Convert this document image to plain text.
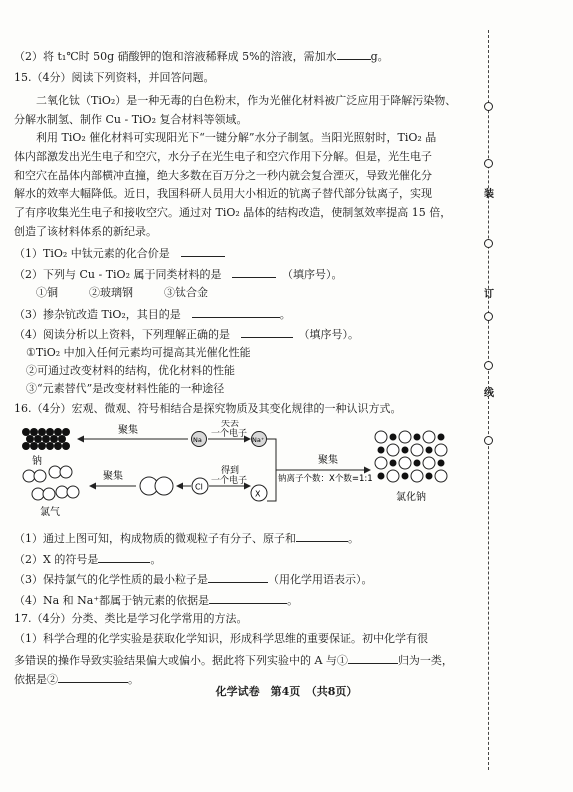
（2）将 t₁℃时 50g 硝酸钾的饱和溶液稀释成 5%的溶液，需加水	g。
15.（4分）阅读下列资料，并回答问题。
二氧化钛（TiO₂）是一种无毒的白色粉末，作为光催化材料被广泛应用于降解污染物、
分解水制氢、制作 Cu - TiO₂ 复合材料等领域。
利用 TiO₂ 催化材料可实现阳光下“一键分解”水分子制氢。当阳光照射时，TiO₂ 晶
体内部激发出光生电子和空穴，水分子在光生电子和空穴作用下分解。但是，光生电子
和空穴在晶体内部横冲直撞，绝大多数在百万分之一秒内就会复合湮灭，导致光催化分
解水的效率大幅降低。近日，我国科研人员用大小相近的钪离子替代部分钛离子，实现
了有序收集光生电子和接收空穴。通过对 TiO₂ 晶体的结构改造，使制氢效率提高 15 倍，
创造了该材料体系的新纪录。
（1）TiO₂ 中钛元素的化合价是　
（2）下列与 Cu - TiO₂ 属于同类材料的是　　	（填序号）。
①铜	②玻璃钢	③钛合金
（3）掺杂钪改造 TiO₂，其目的是　	。
（4）阅读分析以上资料，下列理解正确的是　　	（填序号）。
①TiO₂ 中加入任何元素均可提高其光催化性能
②可通过改变材料的结构，优化材料的性能
③“元素替代”是改变材料性能的一种途径
16.（4分）宏观、微观、符号相结合是探究物质及其变化规律的一种认识方式。
钠
聚集
Na
失去
一个电子
Na⁺
聚集
钠离子个数：X个数=1:1
氯化钠
氯气
聚集
Cl
得到
一个电子
X
（1）通过上图可知，构成物质的微观粒子有分子、原子和	。
（2）X 的符号是	。
（3）保持氯气的化学性质的最小粒子是	（用化学用语表示）。
（4）Na 和 Na⁺都属于钠元素的依据是	。
17.（4分）分类、类比是学习化学常用的方法。
（1）科学合理的化学实验是获取化学知识，形成科学思维的重要保证。初中化学有很
多错误的操作导致实验结果偏大或偏小。据此将下列实验中的 A 与①	归为一类，
依据是②	。
化学试卷　第4页　（共8页）
装
订
线
